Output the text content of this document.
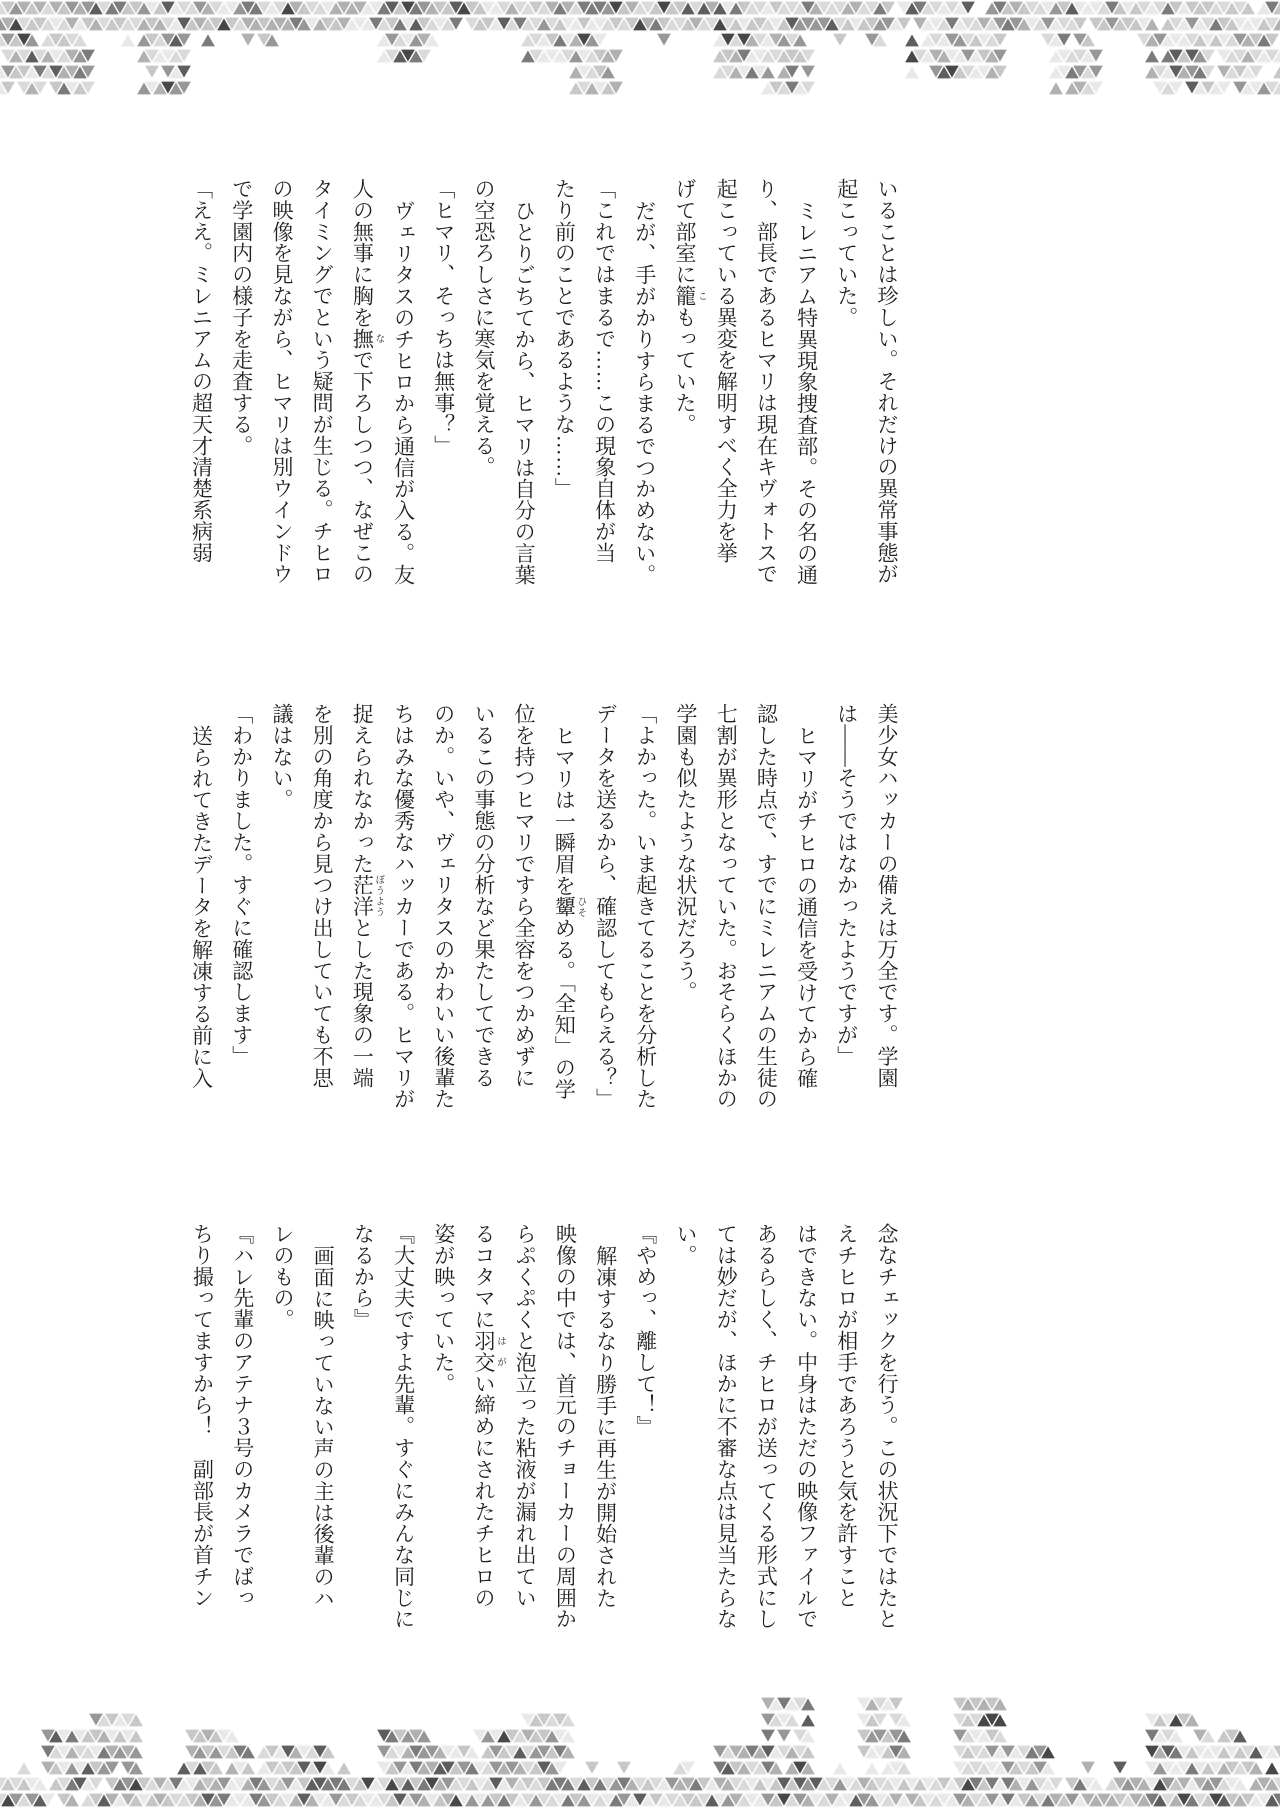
いることは珍しい。それだけの異常事態が

起こっていた。

ミレニアム特異現象捜査部。その名の通

り、部長であるヒマリは現在キヴォトスで

起こっている異変を解明すべく全力を挙

げて部室に籠 こもっていた。

だが、手がかりすらまるでつかめない。

「これではまるで……この現象自体が当

たり前のことであるような……」

ひとりごちてから、ヒマリは自分の言葉

の空恐ろしさに寒気を覚える。

「ヒマリ、そっちは無事？」

ヴェリタスのチヒロから通信が入る。友

人の無事に胸を撫 なで下ろしつつ、なぜこの

タイミングでという疑問が生じる。チヒロ

の映像を見ながら、ヒマリは別ウインドウ

で学園内の様子を走査する。

「ええ。ミレニアムの超天才清楚系病弱

美少女ハッカーの備えは万全です。学園

は――そうではなかったようですが」

ヒマリがチヒロの通信を受けてから確

認した時点で、すでにミレニアムの生徒の

七割が異形となっていた。おそらくほかの

学園も似たような状況だろう。

「よかった。いま起きてることを分析した

データを送るから、確認してもらえる？」

ヒマリは一瞬眉を顰 ひそめる。「全知」の学

位を持つヒマリですら全容をつかめずに

いるこの事態の分析など果たしてできる

のか。いや、ヴェリタスのかわいい後輩た

ちはみな優秀なハッカーである。ヒマリが

捉えられなかった茫洋 ぼうようとした現象の一端

を別の角度から見つけ出していても不思

議はない。

「わかりました。すぐに確認します」

送られてきたデータを解凍する前に入

念なチェックを行う。この状況下ではたと

えチヒロが相手であろうと気を許すこと

はできない。中身はただの映像ファイルで

あるらしく、チヒロが送ってくる形式にし

ては妙だが、ほかに不審な点は見当たらな

い。

『やめっ、離して！』

解凍するなり勝手に再生が開始された

映像の中では、首元のチョーカーの周囲か

らぷくぷくと泡立った粘液が漏れ出てい

るコタマに羽交 はがい締めにされたチヒロの

姿が映っていた。

『大丈夫ですよ先輩。すぐにみんな同じに

なるから』

画面に映っていない声の主は後輩のハ

レのもの。

『ハレ先輩のアテナ３号のカメラでばっ

ちり撮ってますから！　副部長が首チン
